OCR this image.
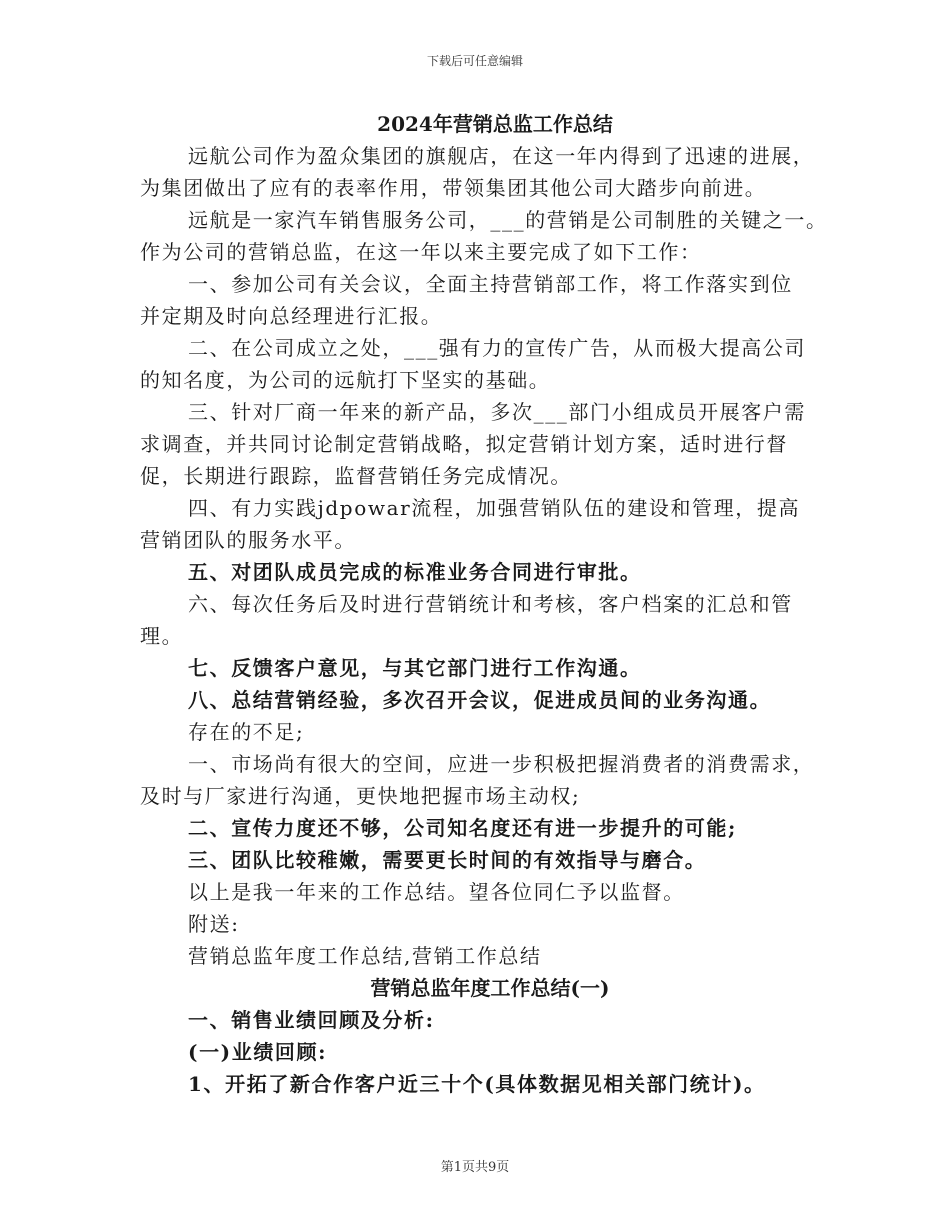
下载后可任意编辑
2024年营销总监工作总结

远航公司作为盈众集团的旗舰店，在这一年内得到了迅速的进展，

为集团做出了应有的表率作用，带领集团其他公司大踏步向前进。

远航是一家汽车销售服务公司，___的营销是公司制胜的关键之一。

作为公司的营销总监，在这一年以来主要完成了如下工作：

一、参加公司有关会议，全面主持营销部工作，将工作落实到位

并定期及时向总经理进行汇报。

二、在公司成立之处，___强有力的宣传广告，从而极大提高公司

的知名度，为公司的远航打下坚实的基础。

三、针对厂商一年来的新产品，多次___部门小组成员开展客户需

求调查，并共同讨论制定营销战略，拟定营销计划方案，适时进行督

促，长期进行跟踪，监督营销任务完成情况。

四、有力实践jdpowar流程，加强营销队伍的建设和管理，提高

营销团队的服务水平。

五、对团队成员完成的标准业务合同进行审批。

六、每次任务后及时进行营销统计和考核，客户档案的汇总和管

理。

七、反馈客户意见，与其它部门进行工作沟通。

八、总结营销经验，多次召开会议，促进成员间的业务沟通。

存在的不足;

一、市场尚有很大的空间，应进一步积极把握消费者的消费需求，

及时与厂家进行沟通，更快地把握市场主动权;

二、宣传力度还不够，公司知名度还有进一步提升的可能;

三、团队比较稚嫩，需要更长时间的有效指导与磨合。

以上是我一年来的工作总结。望各位同仁予以监督。

附送:

营销总监年度工作总结,营销工作总结

营销总监年度工作总结(一)

一、销售业绩回顾及分析:

(一)业绩回顾:

1、开拓了新合作客户近三十个(具体数据见相关部门统计)。

第1页共9页
